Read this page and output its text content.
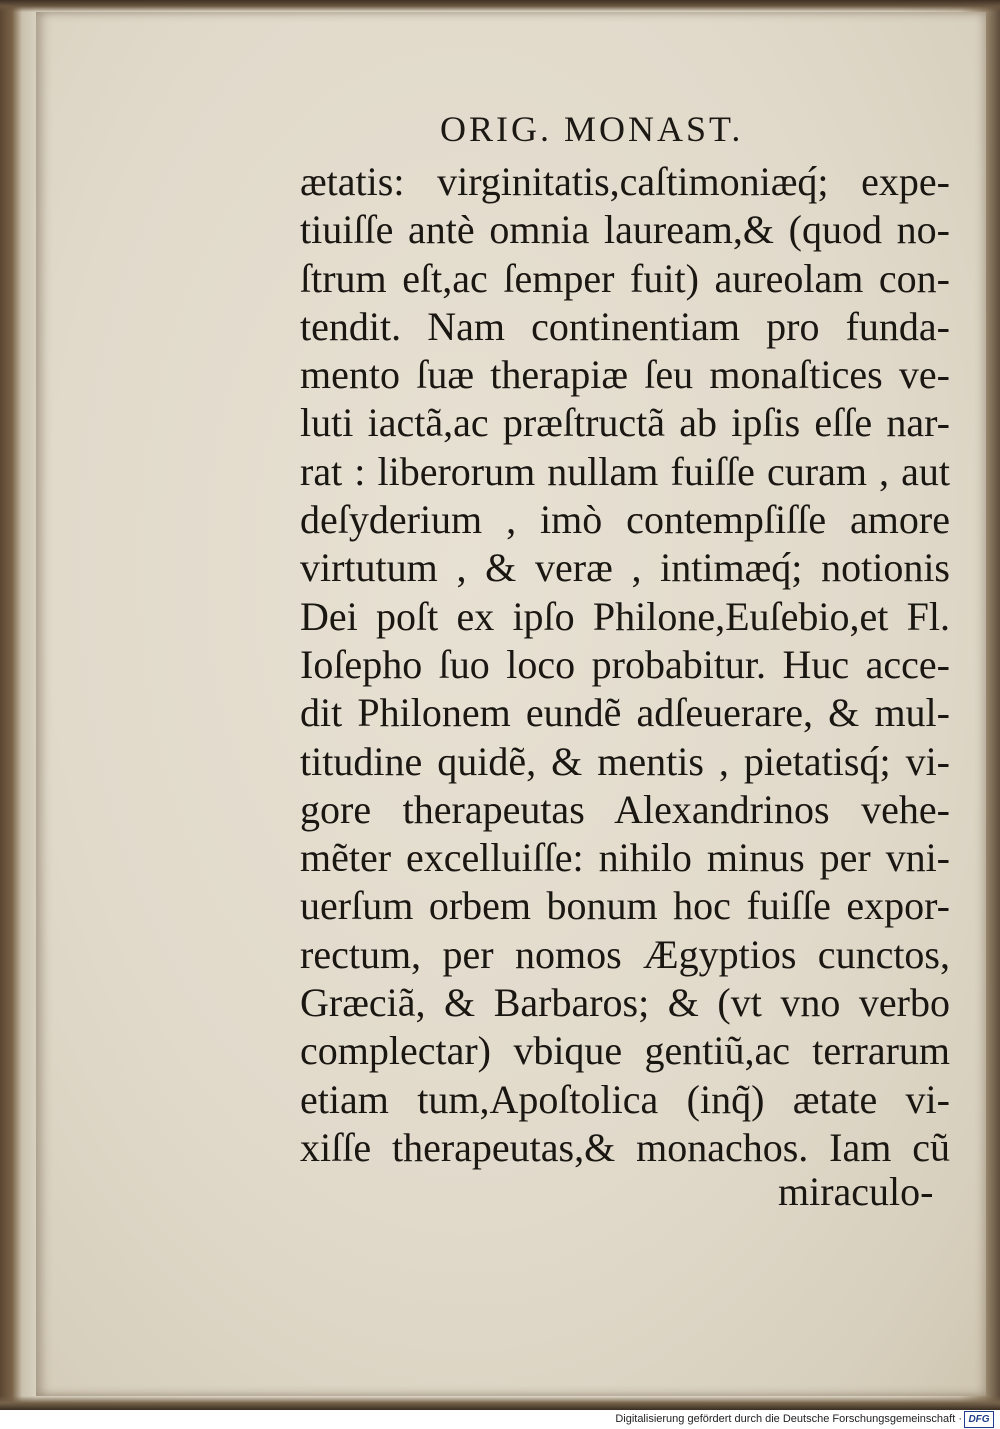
ORIG. MONAST.
ætatis: virginitatis,caſtimoniæq́; expe-
tiuiſſe antè omnia lauream,& (quod no-
ſtrum eſt,ac ſemper fuit) aureolam con-
tendit. Nam continentiam pro funda-
mento ſuæ therapiæ ſeu monaſtices ve-
luti iactã,ac præſtructã ab ipſis eſſe nar-
rat : liberorum nullam fuiſſe curam , aut
deſyderium , imò contempſiſſe amore
virtutum , & veræ , intimæq́; notionis
Dei poſt ex ipſo Philone,Euſebio,et Fl.
Ioſepho ſuo loco probabitur. Huc acce-
dit Philonem eundẽ adſeuerare, & mul-
titudine quidẽ, & mentis , pietatisq́; vi-
gore therapeutas Alexandrinos vehe-
mẽter excelluiſſe: nihilo minus per vni-
uerſum orbem bonum hoc fuiſſe expor-
rectum, per nomos Ægyptios cunctos,
Græciã, & Barbaros; & (vt vno verbo
complectar) vbique gentiũ,ac terrarum
etiam tum,Apoſtolica (inq̃) ætate vi-
xiſſe therapeutas,& monachos. Iam cũ
miraculo-
Digitalisierung gefördert durch die Deutsche Forschungsgemeinschaft · DFG
